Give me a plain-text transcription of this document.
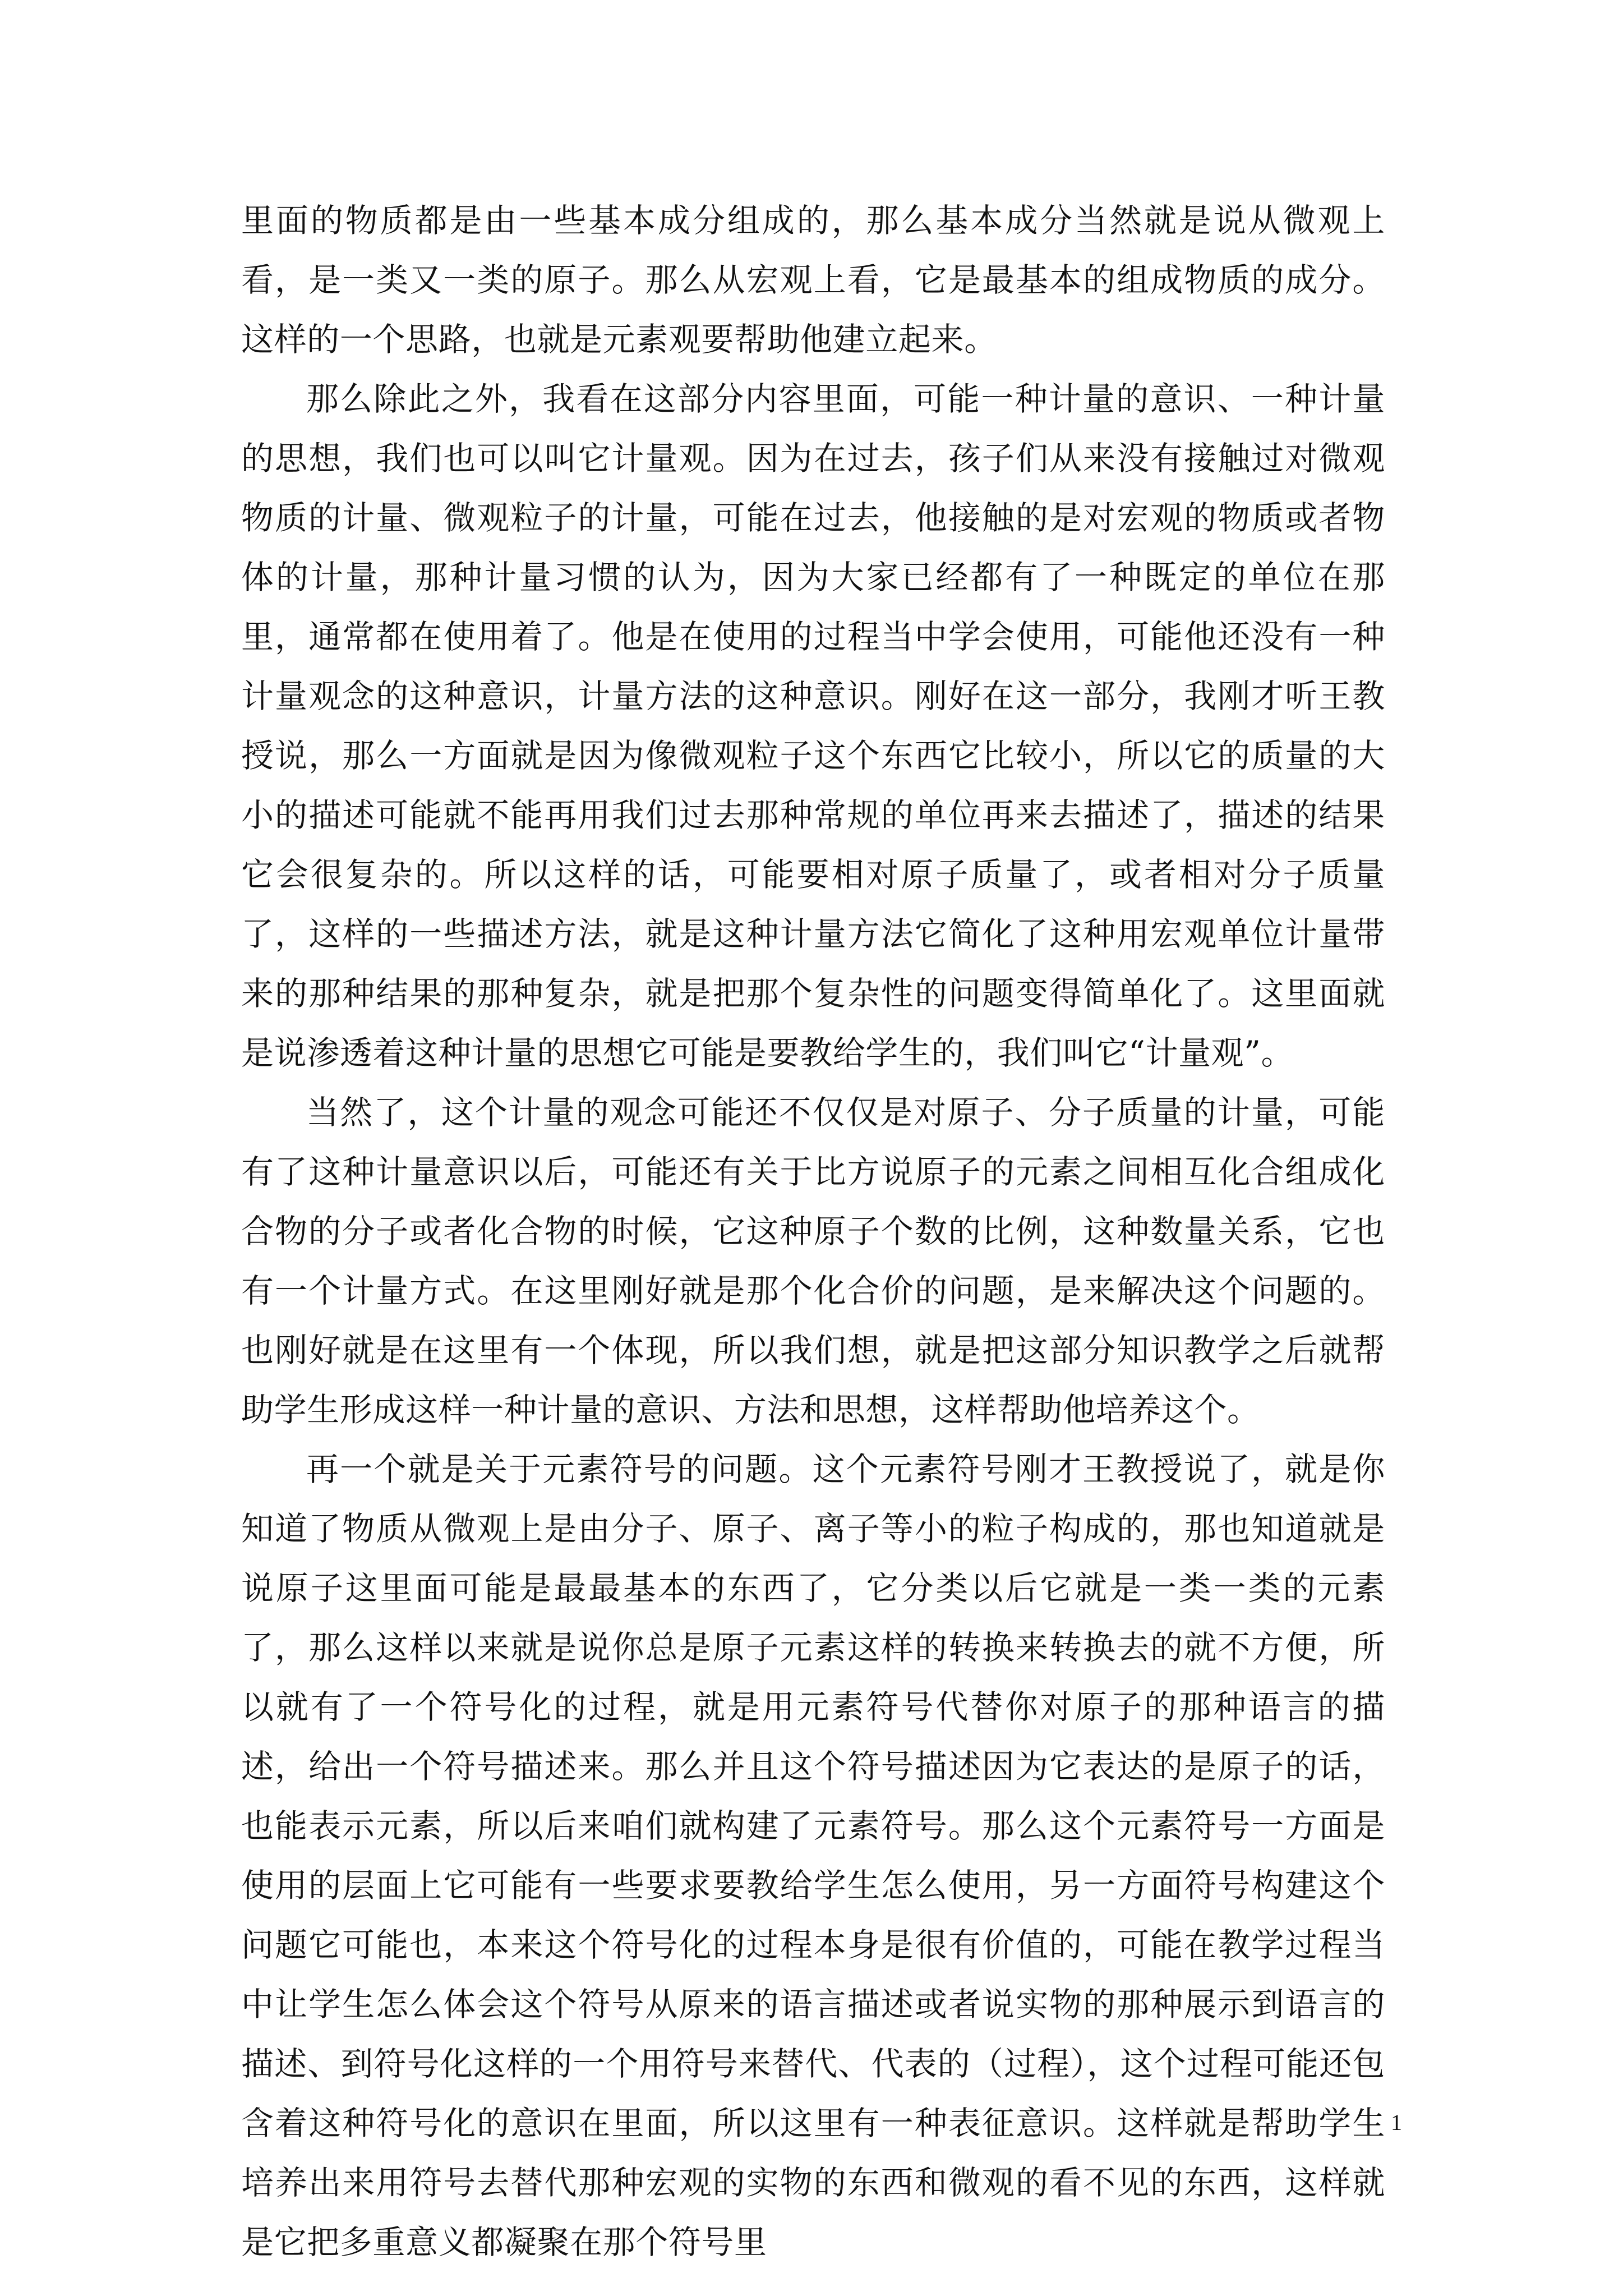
里面的物质都是由一些基本成分组成的，那么基本成分当然就是说从微观上看，是一类又一类的原子。那么从宏观上看，它是最基本的组成物质的成分。这样的一个思路，也就是元素观要帮助他建立起来。

那么除此之外，我看在这部分内容里面，可能一种计量的意识、一种计量的思想，我们也可以叫它计量观。因为在过去，孩子们从来没有接触过对微观物质的计量、微观粒子的计量，可能在过去，他接触的是对宏观的物质或者物体的计量，那种计量习惯的认为，因为大家已经都有了一种既定的单位在那里，通常都在使用着了。他是在使用的过程当中学会使用，可能他还没有一种计量观念的这种意识，计量方法的这种意识。刚好在这一部分，我刚才听王教授说，那么一方面就是因为像微观粒子这个东西它比较小，所以它的质量的大小的描述可能就不能再用我们过去那种常规的单位再来去描述了，描述的结果它会很复杂的。所以这样的话，可能要相对原子质量了，或者相对分子质量了，这样的一些描述方法，就是这种计量方法它简化了这种用宏观单位计量带来的那种结果的那种复杂，就是把那个复杂性的问题变得简单化了。这里面就是说渗透着这种计量的思想它可能是要教给学生的，我们叫它“计量观”。

当然了，这个计量的观念可能还不仅仅是对原子、分子质量的计量，可能有了这种计量意识以后，可能还有关于比方说原子的元素之间相互化合组成化合物的分子或者化合物的时候，它这种原子个数的比例，这种数量关系，它也有一个计量方式。在这里刚好就是那个化合价的问题，是来解决这个问题的。也刚好就是在这里有一个体现，所以我们想，就是把这部分知识教学之后就帮助学生形成这样一种计量的意识、方法和思想，这样帮助他培养这个。

再一个就是关于元素符号的问题。这个元素符号刚才王教授说了，就是你知道了物质从微观上是由分子、原子、离子等小的粒子构成的，那也知道就是说原子这里面可能是最最基本的东西了，它分类以后它就是一类一类的元素了，那么这样以来就是说你总是原子元素这样的转换来转换去的就不方便，所以就有了一个符号化的过程，就是用元素符号代替你对原子的那种语言的描述，给出一个符号描述来。那么并且这个符号描述因为它表达的是原子的话，也能表示元素，所以后来咱们就构建了元素符号。那么这个元素符号一方面是使用的层面上它可能有一些要求要教给学生怎么使用，另一方面符号构建这个问题它可能也，本来这个符号化的过程本身是很有价值的，可能在教学过程当中让学生怎么体会这个符号从原来的语言描述或者说实物的那种展示到语言的描述、到符号化这样的一个用符号来替代、代表的（过程），这个过程可能还包含着这种符号化的意识在里面，所以这里有一种表征意识。这样就是帮助学生培养出来用符号去替代那种宏观的实物的东西和微观的看不见的东西，这样就是它把多重意义都凝聚在那个符号里

1
